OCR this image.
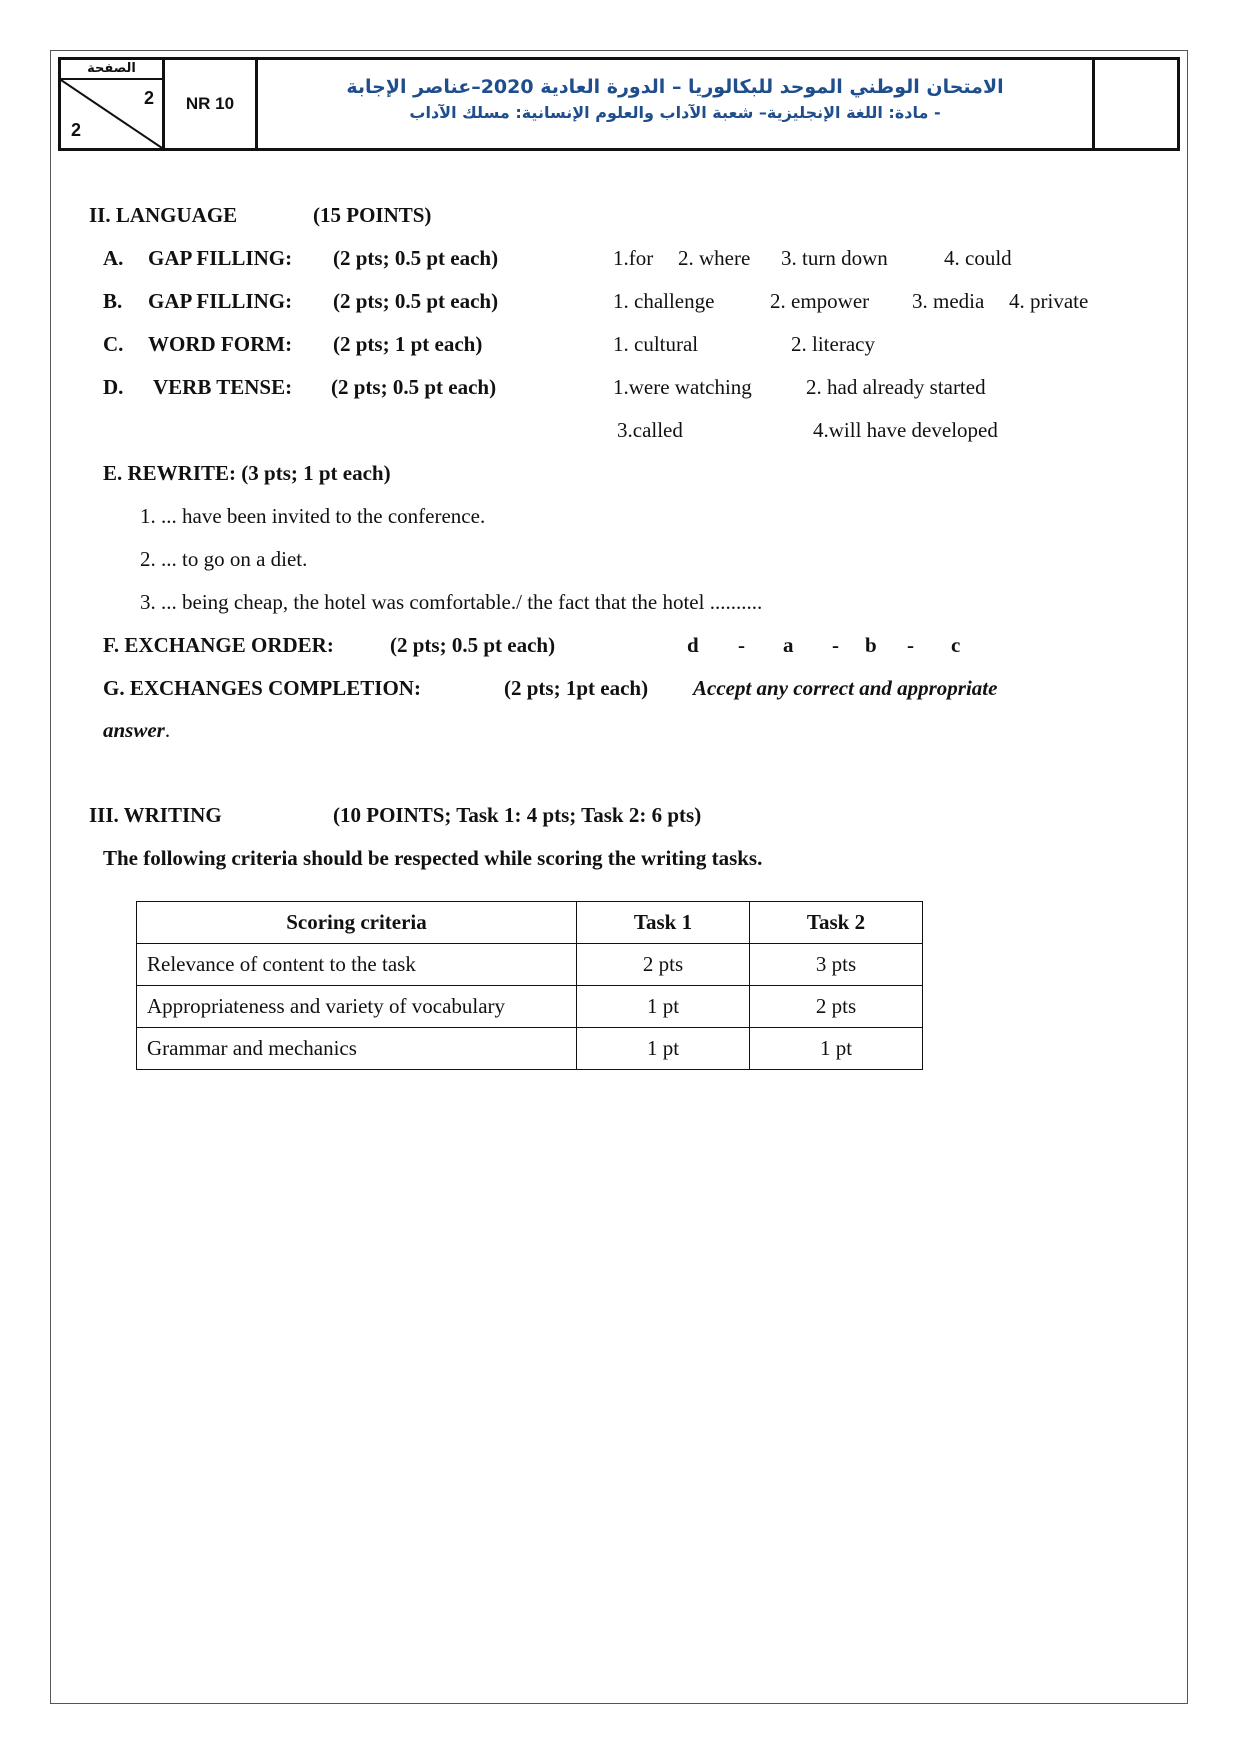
الصفحة
2
2
NR 10
الامتحان الوطني الموحد للبكالوريا – الدورة العادية 2020–عناصر الإجابة
- مادة: اللغة الإنجليزية– شعبة الآداب والعلوم الإنسانية: مسلك الآداب
II. LANGUAGE	(15 POINTS)
A. GAP FILLING: (2 pts; 0.5 pt each)	1.for 2. where 3. turn down	4. could
B. GAP FILLING: (2 pts; 0.5 pt each)	1. challenge	2. empower 3. media 4. private
C. WORD FORM: (2 pts; 1 pt each)	1. cultural	2. literacy
D. VERB TENSE: (2 pts; 0.5 pt each)	1.were watching	2. had already started
3.called	4.will have developed
E. REWRITE: (3 pts; 1 pt each)
1. ... have been invited to the conference.
2. ... to go on a diet.
3. ... being cheap, the hotel was comfortable./ the fact that the hotel ..........
F. EXCHANGE ORDER:	(2 pts; 0.5 pt each)	d - a - b - c
G. EXCHANGES COMPLETION:	(2 pts; 1pt each) Accept any correct and appropriate
answer.
III. WRITING	(10 POINTS; Task 1: 4 pts; Task 2: 6 pts)
The following criteria should be respected while scoring the writing tasks.
Scoring criteria	Task 1	Task 2
Relevance of content to the task	2 pts	3 pts
Appropriateness and variety of vocabulary	1 pt	2 pts
Grammar and mechanics	1 pt	1 pt
